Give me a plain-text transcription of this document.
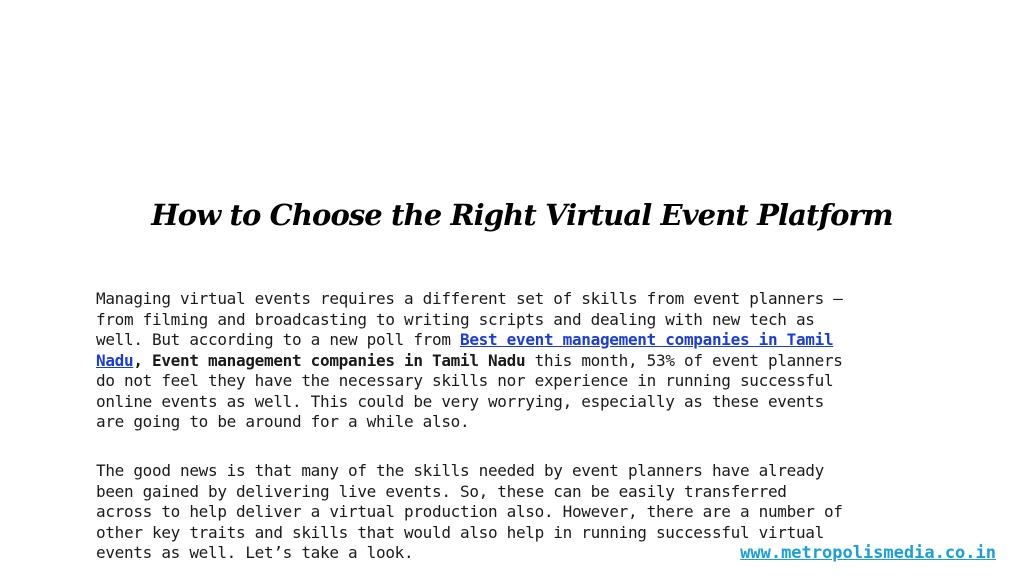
How to Choose the Right Virtual Event Platform
Managing virtual events requires a different set of skills from event planners –
from filming and broadcasting to writing scripts and dealing with new tech as
well. But according to a new poll from Best event management companies in Tamil
Nadu, Event management companies in Tamil Nadu this month, 53% of event planners
do not feel they have the necessary skills nor experience in running successful
online events as well. This could be very worrying, especially as these events
are going to be around for a while also.
The good news is that many of the skills needed by event planners have already
been gained by delivering live events. So, these can be easily transferred
across to help deliver a virtual production also. However, there are a number of
other key traits and skills that would also help in running successful virtual
events as well. Let’s take a look.	www.metropolismedia.co.in
